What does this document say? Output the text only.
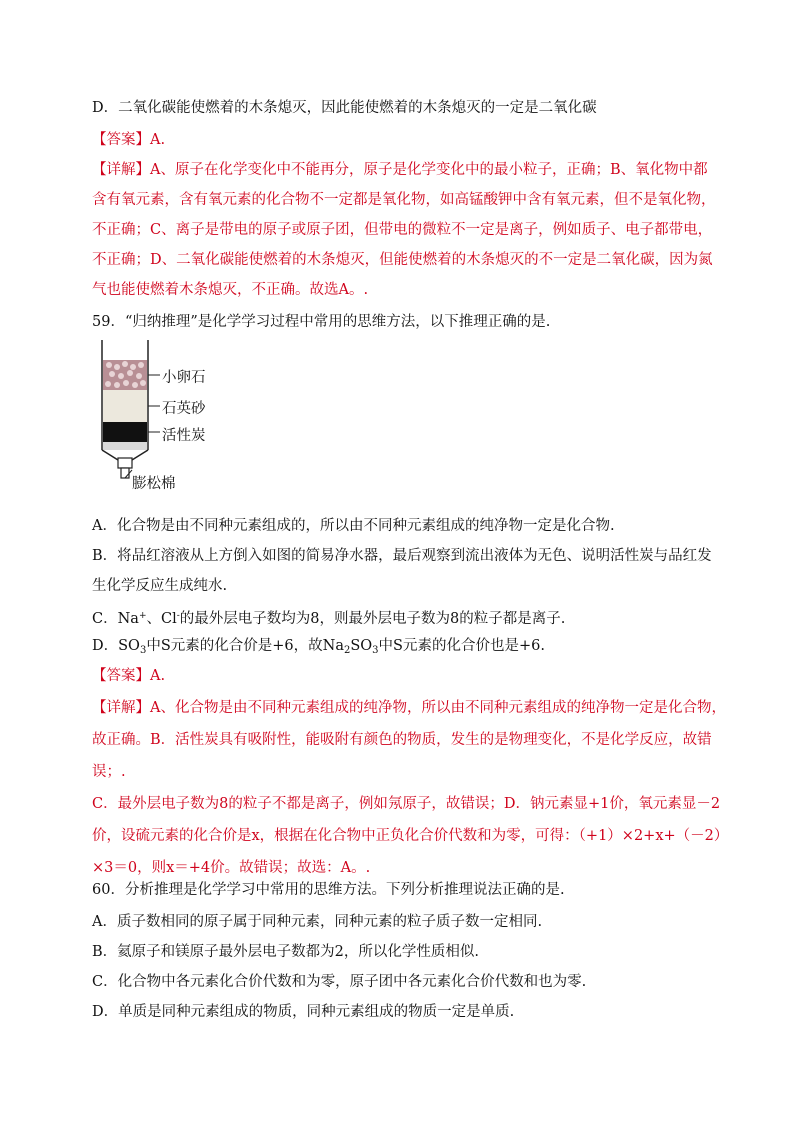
D．二氧化碳能使燃着的木条熄灭，因此能使燃着的木条熄灭的一定是二氧化碳
【答案】A.
【详解】A、原子在化学变化中不能再分，原子是化学变化中的最小粒子，正确；B、氧化物中都
含有氧元素，含有氧元素的化合物不一定都是氧化物，如高锰酸钾中含有氧元素，但不是氧化物，
不正确；C、离子是带电的原子或原子团，但带电的微粒不一定是离子，例如质子、电子都带电，
不正确；D、二氧化碳能使燃着的木条熄灭，但能使燃着的木条熄灭的不一定是二氧化碳，因为氮
气也能使燃着木条熄灭，不正确。故选A。.
59．“归纳推理”是化学学习过程中常用的思维方法，以下推理正确的是.
小卵石
石英砂
活性炭
膨松棉
A．化合物是由不同种元素组成的，所以由不同种元素组成的纯净物一定是化合物.
B．将品红溶液从上方倒入如图的简易净水器，最后观察到流出液体为无色、说明活性炭与品红发
生化学反应生成纯水.
C．Na+、Cl-的最外层电子数均为8，则最外层电子数为8的粒子都是离子.
D．$SO_3$中S元素的化合价是+6，故$Na_2SO_3$中S元素的化合价也是+6.
【答案】A.
【详解】A、化合物是由不同种元素组成的纯净物，所以由不同种元素组成的纯净物一定是化合物，
故正确。B．活性炭具有吸附性，能吸附有颜色的物质，发生的是物理变化，不是化学反应，故错
误；.
C．最外层电子数为8的粒子不都是离子，例如氖原子，故错误；D．钠元素显+1价，氧元素显－2
价，设硫元素的化合价是x，根据在化合物中正负化合价代数和为零，可得：（+1）×2+x+（－2）
×3＝0，则x＝+4价。故错误；故选：A。.
60．分析推理是化学学习中常用的思维方法。下列分析推理说法正确的是.
A．质子数相同的原子属于同种元素，同种元素的粒子质子数一定相同.
B．氦原子和镁原子最外层电子数都为2，所以化学性质相似.
C．化合物中各元素化合价代数和为零，原子团中各元素化合价代数和也为零.
D．单质是同种元素组成的物质，同种元素组成的物质一定是单质.
